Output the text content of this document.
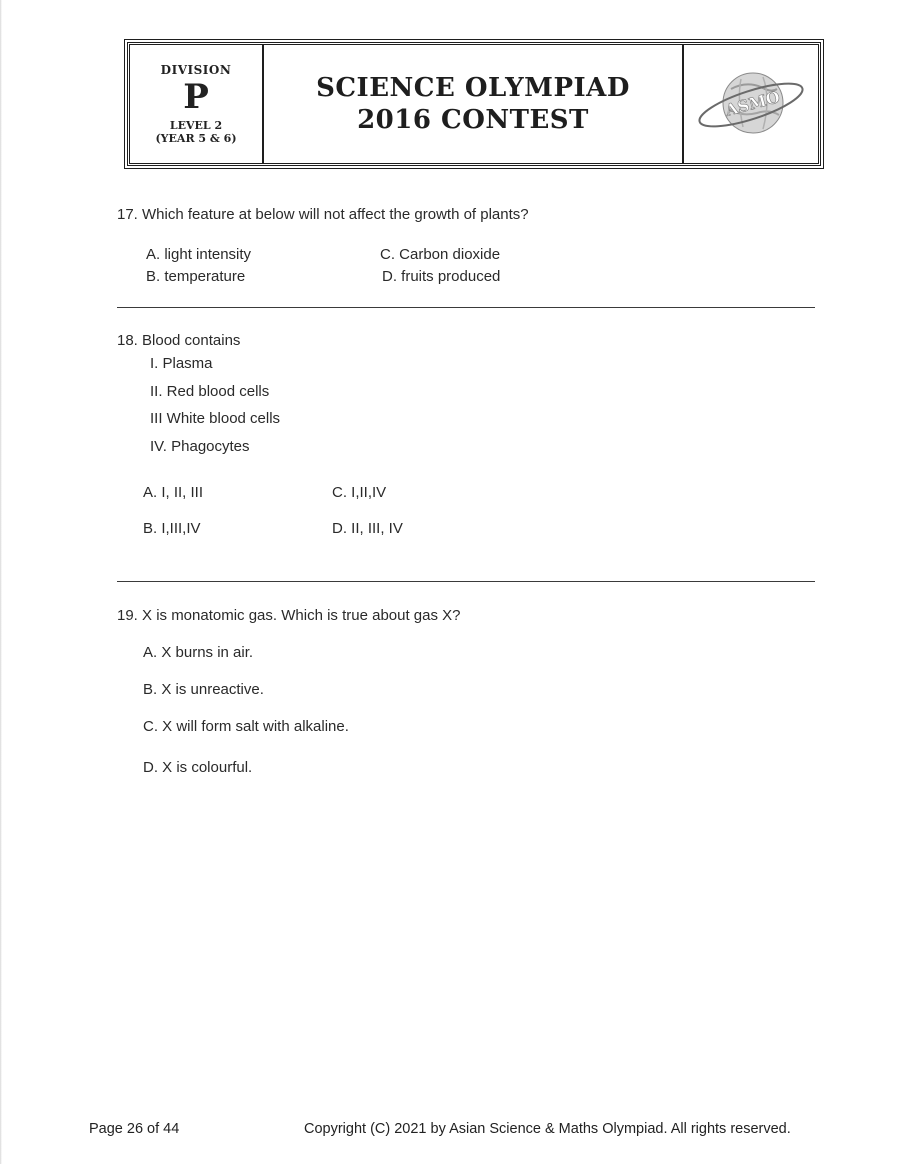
DIVISION
P
LEVEL 2
(YEAR 5 & 6)
SCIENCE OLYMPIAD
2016 CONTEST
ASMO
17. Which feature at below will not affect the growth of plants?
A. light intensity
B. temperature
C. Carbon dioxide
D. fruits produced
18. Blood contains
I. Plasma
II. Red blood cells
III White blood cells
IV. Phagocytes
A. I, II, III
B. I,III,IV
C. I,II,IV
D. II, III, IV
19. X is monatomic gas. Which is true about gas X?
A. X burns in air.
B. X is unreactive.
C. X will form salt with alkaline.
D. X is colourful.
Page 26 of 44	Copyright (C) 2021 by Asian Science & Maths Olympiad. All rights reserved.
